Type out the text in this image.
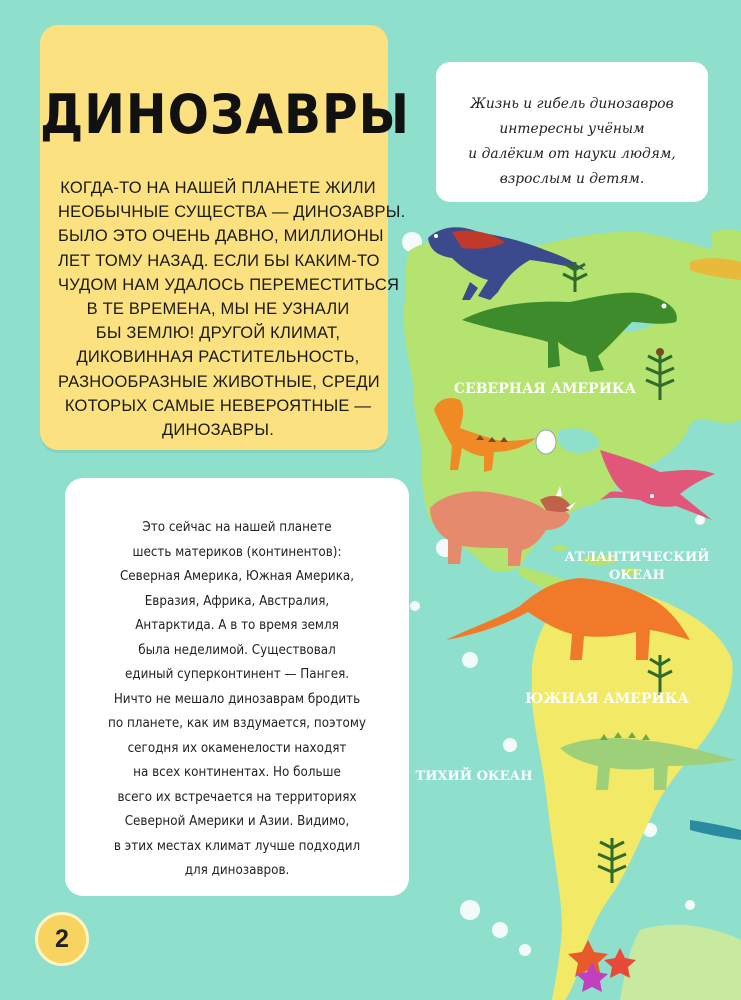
СЕВЕРНАЯ АМЕРИКА
АТЛАНТИЧЕСКИЙ
ОКЕАН
ЮЖНАЯ АМЕРИКА
ТИХИЙ ОКЕАН
ДИНОЗАВРЫ
КОГДА-ТО НА НАШЕЙ ПЛАНЕТЕ ЖИЛИ
НЕОБЫЧНЫЕ СУЩЕСТВА — ДИНОЗАВРЫ.
БЫЛО ЭТО ОЧЕНЬ ДАВНО, МИЛЛИОНЫ
ЛЕТ ТОМУ НАЗАД. ЕСЛИ БЫ КАКИМ-ТО
ЧУДОМ НАМ УДАЛОСЬ ПЕРЕМЕСТИТЬСЯ
В ТЕ ВРЕМЕНА, МЫ НЕ УЗНАЛИ
БЫ ЗЕМЛЮ! ДРУГОЙ КЛИМАТ,
ДИКОВИННАЯ РАСТИТЕЛЬНОСТЬ,
РАЗНООБРАЗНЫЕ ЖИВОТНЫЕ, СРЕДИ
КОТОРЫХ САМЫЕ НЕВЕРОЯТНЫЕ —
ДИНОЗАВРЫ.
Жизнь и гибель динозавров
интересны учёным
и далёким от науки людям,
взрослым и детям.
Это сейчас на нашей планете
шесть материков (континентов):
Северная Америка, Южная Америка,
Евразия, Африка, Австралия,
Антарктида. А в то время земля
была неделимой. Существовал
единый суперконтинент — Пангея.
Ничто не мешало динозаврам бродить
по планете, как им вздумается, поэтому
сегодня их окаменелости находят
на всех континентах. Но больше
всего их встречается на территориях
Северной Америки и Азии. Видимо,
в этих местах климат лучше подходил
для динозавров.
2
